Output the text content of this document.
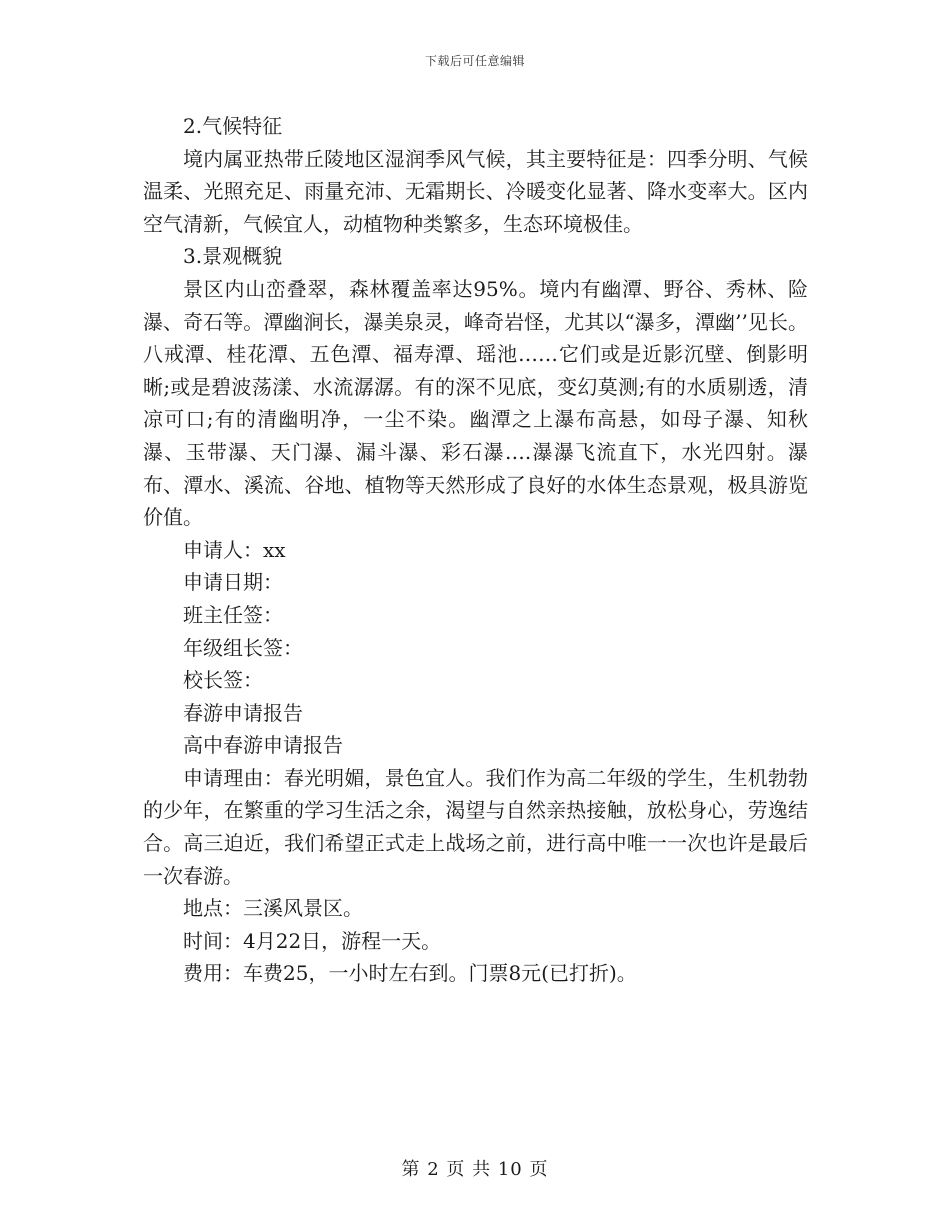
下载后可任意编辑

2.气候特征

境内属亚热带丘陵地区湿润季风气候，其主要特征是：四季分明、气候温柔、光照充足、雨量充沛、无霜期长、冷暖变化显著、降水变率大。区内空气清新，气候宜人，动植物种类繁多，生态环境极佳。

3.景观概貌

景区内山峦叠翠，森林覆盖率达95%。境内有幽潭、野谷、秀林、险瀑、奇石等。潭幽涧长，瀑美泉灵，峰奇岩怪，尤其以“瀑多，潭幽’’见长。八戒潭、桂花潭、五色潭、福寿潭、瑶池……它们或是近影沉壁、倒影明晰;或是碧波荡漾、水流潺潺。有的深不见底，变幻莫测;有的水质剔透，清凉可口;有的清幽明净，一尘不染。幽潭之上瀑布高悬，如母子瀑、知秋瀑、玉带瀑、天门瀑、漏斗瀑、彩石瀑….瀑瀑飞流直下，水光四射。瀑布、潭水、溪流、谷地、植物等天然形成了良好的水体生态景观，极具游览价值。

申请人：xx

申请日期：

班主任签：

年级组长签：

校长签：

春游申请报告

高中春游申请报告

申请理由：春光明媚，景色宜人。我们作为高二年级的学生，生机勃勃的少年，在繁重的学习生活之余，渴望与自然亲热接触，放松身心，劳逸结合。高三迫近，我们希望正式走上战场之前，进行高中唯一一次也许是最后一次春游。

地点：三溪风景区。

时间：4月22日，游程一天。

费用：车费25，一小时左右到。门票8元(已打折)。

第 2 页 共 10 页
